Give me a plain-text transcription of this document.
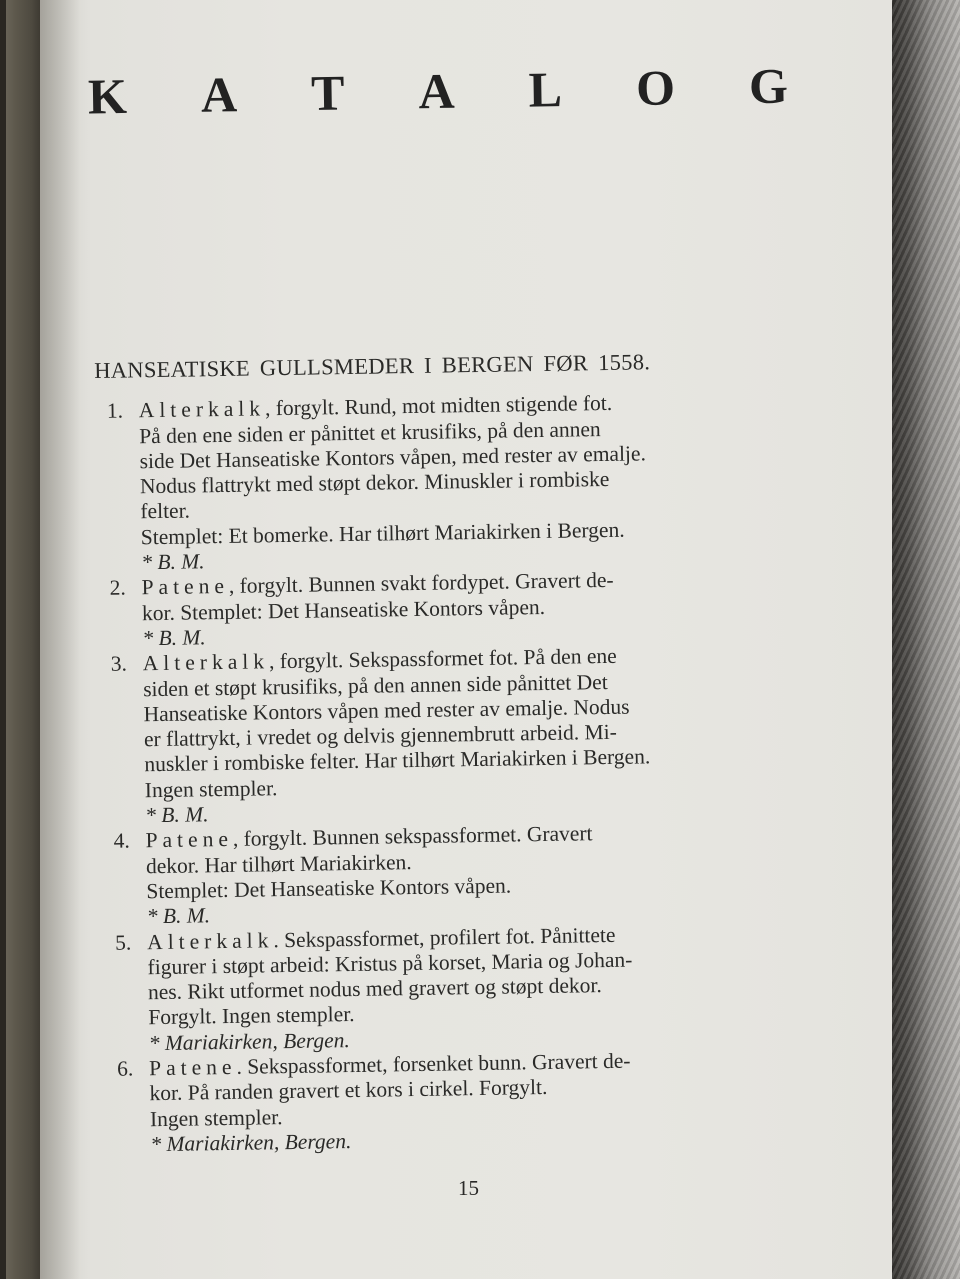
K A T A L O G
HANSEATISKE GULLSMEDER I BERGEN FØR 1558.
1. Alterkalk, forgylt. Rund, mot midten stigende fot.
På den ene siden er pånittet et krusifiks, på den annen
side Det Hanseatiske Kontors våpen, med rester av emalje.
Nodus flattrykt med støpt dekor. Minuskler i rombiske
felter.
Stemplet: Et bomerke. Har tilhørt Mariakirken i Bergen.
* B. M.
2. Patene, forgylt. Bunnen svakt fordypet. Gravert de-
kor. Stemplet: Det Hanseatiske Kontors våpen.
* B. M.
3. Alterkalk, forgylt. Sekspassformet fot. På den ene
siden et støpt krusifiks, på den annen side pånittet Det
Hanseatiske Kontors våpen med rester av emalje. Nodus
er flattrykt, i vredet og delvis gjennembrutt arbeid. Mi-
nuskler i rombiske felter. Har tilhørt Mariakirken i Bergen.
Ingen stempler.
* B. M.
4. Patene, forgylt. Bunnen sekspassformet. Gravert
dekor. Har tilhørt Mariakirken.
Stemplet: Det Hanseatiske Kontors våpen.
* B. M.
5. Alterkalk. Sekspassformet, profilert fot. Pånittete
figurer i støpt arbeid: Kristus på korset, Maria og Johan-
nes. Rikt utformet nodus med gravert og støpt dekor.
Forgylt. Ingen stempler.
* Mariakirken, Bergen.
6. Patene. Sekspassformet, forsenket bunn. Gravert de-
kor. På randen gravert et kors i cirkel. Forgylt.
Ingen stempler.
* Mariakirken, Bergen.
15
